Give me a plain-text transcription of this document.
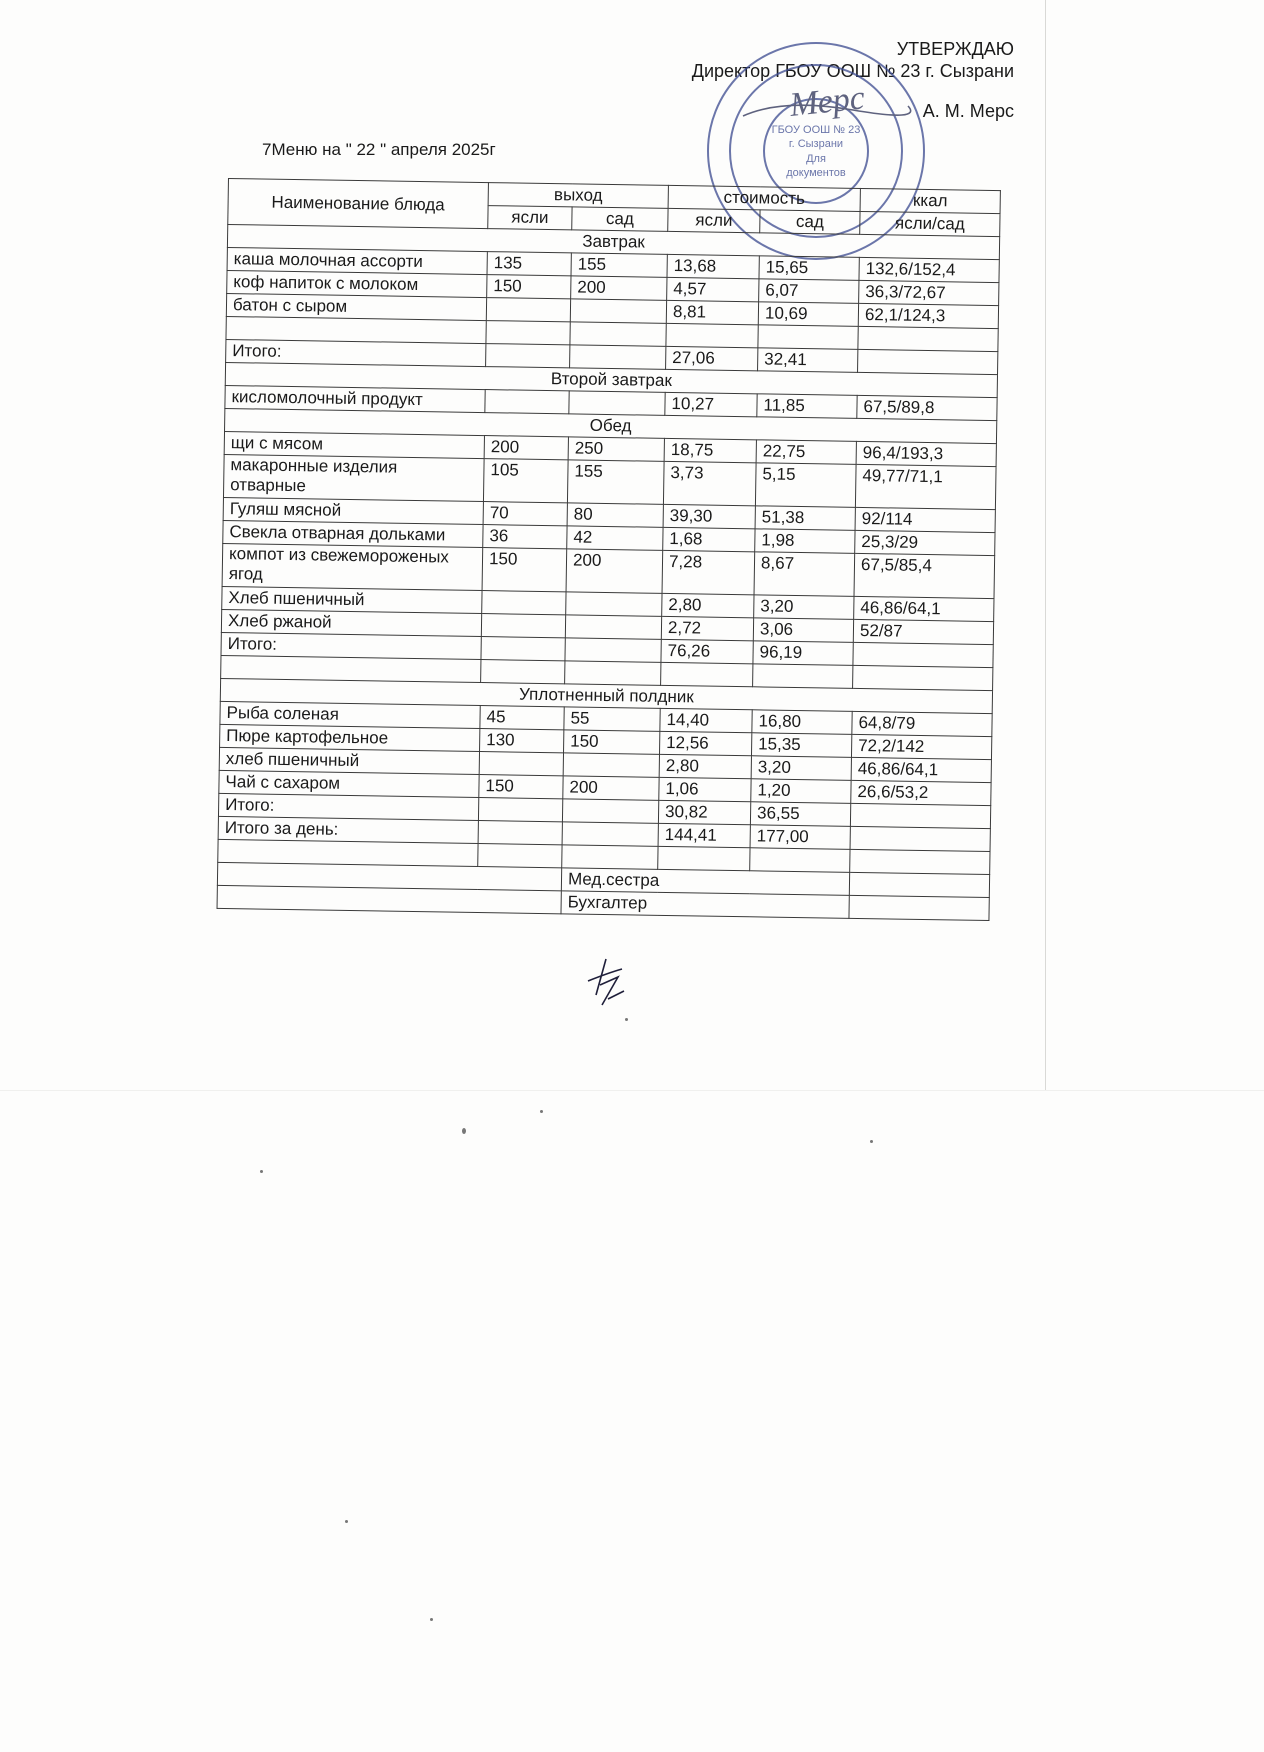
УТВЕРЖДАЮ
Директор ГБОУ ООШ № 23 г. Сызрани
А. М. Мерс
ГБОУ ООШ № 23
г. Сызрани
Для
документов
Мерс
7Меню на " 22 " апреля 2025г
Наименование блюда	выход		стоимость		ккал
	ясли	сад	ясли	сад	ясли/сад
Завтрак					
каша молочная ассорти	135	155	13,68	15,65	132,6/152,4
коф напиток с молоком	150	200	4,57	6,07	36,3/72,67
батон с сыром			8,81	10,69	62,1/124,3

Итого:			27,06	32,41	
Второй завтрак					
кисломолочный продукт			10,27	11,85	67,5/89,8
Обед					
щи с мясом	200	250	18,75	22,75	96,4/193,3
макаронные изделия отварные	105	155	3,73	5,15	49,77/71,1
Гуляш мясной	70	80	39,30	51,38	92/114
Свекла отварная дольками	36	42	1,68	1,98	25,3/29
компот из свежемороженых ягод	150	200	7,28	8,67	67,5/85,4
Хлеб пшеничный			2,80	3,20	46,86/64,1
Хлеб ржаной			2,72	3,06	52/87
Итого:			76,26	96,19	

Уплотненный полдник					
Рыба соленая	45	55	14,40	16,80	64,8/79
Пюре картофельное	130	150	12,56	15,35	72,2/142
хлеб пшеничный			2,80	3,20	46,86/64,1
Чай с сахаром	150	200	1,06	1,20	26,6/53,2
Итого:			30,82	36,55	
Итого за день:			144,41	177,00	

		Мед.сестра			
		Бухгалтер			
